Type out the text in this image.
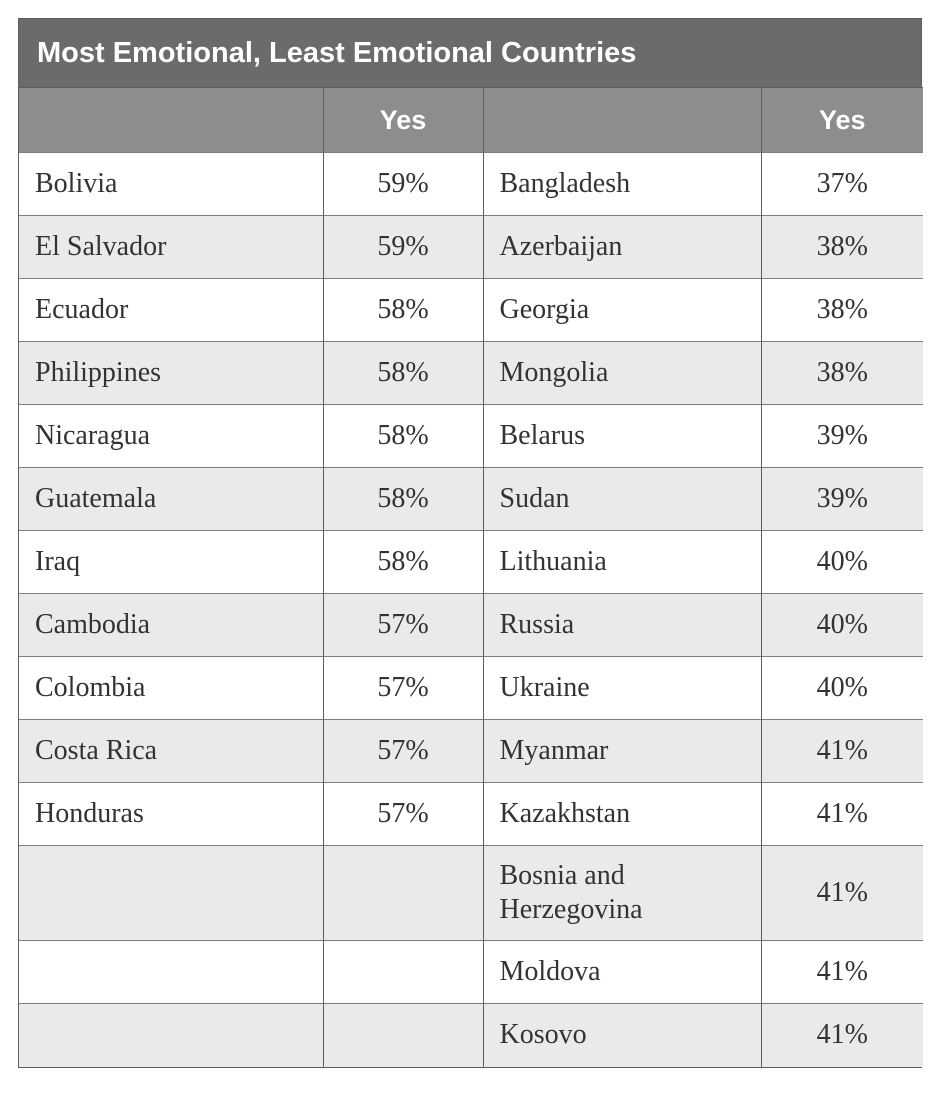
Most Emotional, Least Emotional Countries
	Yes		Yes
Bolivia	59%	Bangladesh	37%
El Salvador	59%	Azerbaijan	38%
Ecuador	58%	Georgia	38%
Philippines	58%	Mongolia	38%
Nicaragua	58%	Belarus	39%
Guatemala	58%	Sudan	39%
Iraq	58%	Lithuania	40%
Cambodia	57%	Russia	40%
Colombia	57%	Ukraine	40%
Costa Rica	57%	Myanmar	41%
Honduras	57%	Kazakhstan	41%
		Bosnia and Herzegovina	41%
		Moldova	41%
		Kosovo	41%
